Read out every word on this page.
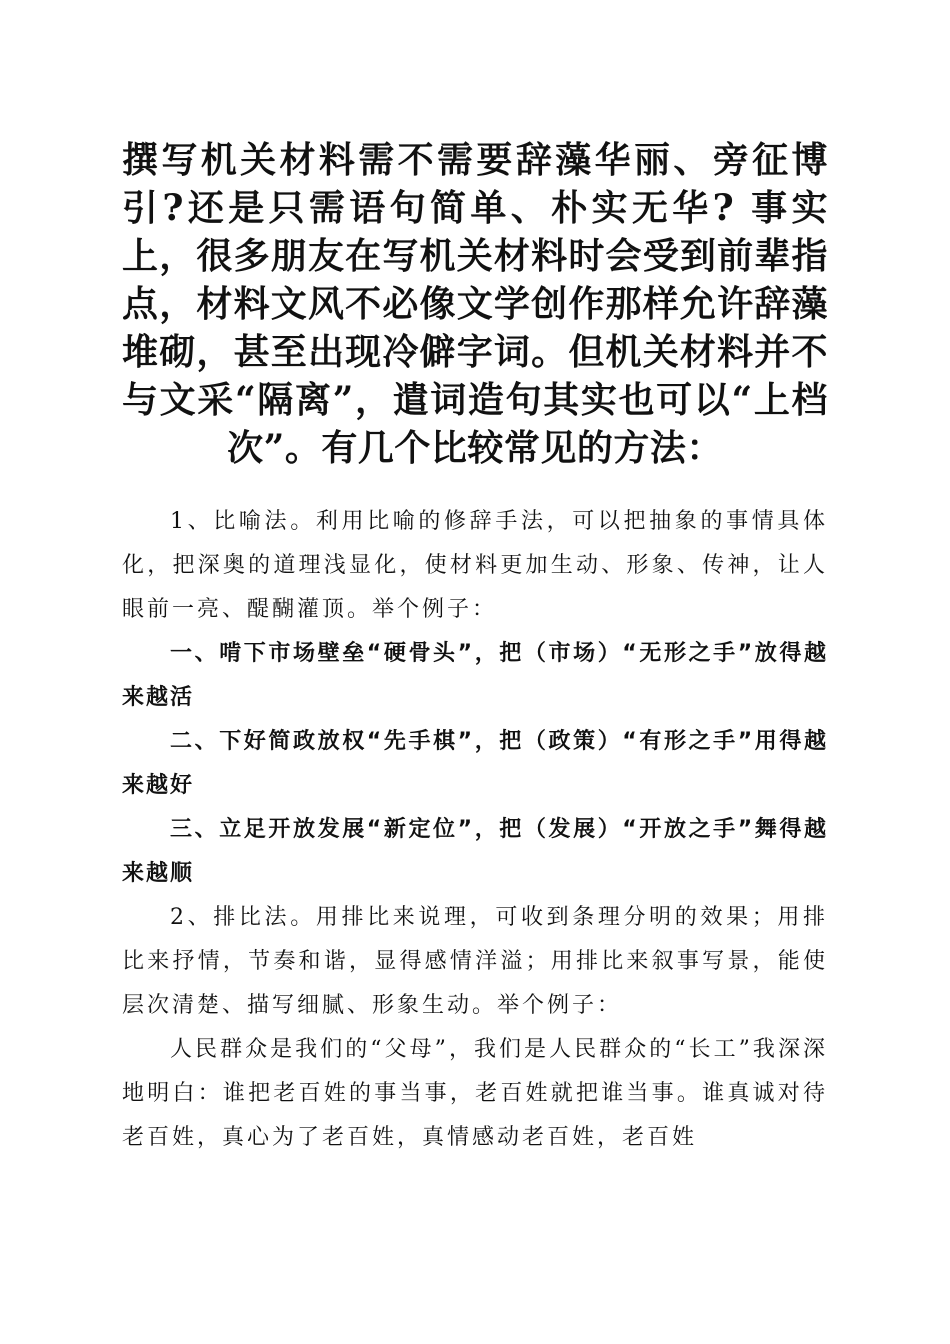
撰写机关材料需不需要辞藻华丽、旁征博引?还是只需语句简单、朴实无华? 事实上，很多朋友在写机关材料时会受到前辈指点，材料文风不必像文学创作那样允许辞藻堆砌，甚至出现冷僻字词。但机关材料并不与文采“隔离”，遣词造句其实也可以“上档次”。有几个比较常见的方法：

1、比喻法。利用比喻的修辞手法，可以把抽象的事情具体化，把深奥的道理浅显化，使材料更加生动、形象、传神，让人眼前一亮、醍醐灌顶。举个例子：

一、啃下市场壁垒“硬骨头”，把（市场）“无形之手”放得越来越活

二、下好简政放权“先手棋”，把（政策）“有形之手”用得越来越好

三、立足开放发展“新定位”，把（发展）“开放之手”舞得越来越顺

2、排比法。用排比来说理，可收到条理分明的效果；用排比来抒情，节奏和谐，显得感情洋溢；用排比来叙事写景，能使层次清楚、描写细腻、形象生动。举个例子：

人民群众是我们的“父母”，我们是人民群众的“长工”我深深地明白：谁把老百姓的事当事，老百姓就把谁当事。谁真诚对待老百姓，真心为了老百姓，真情感动老百姓，老百姓
